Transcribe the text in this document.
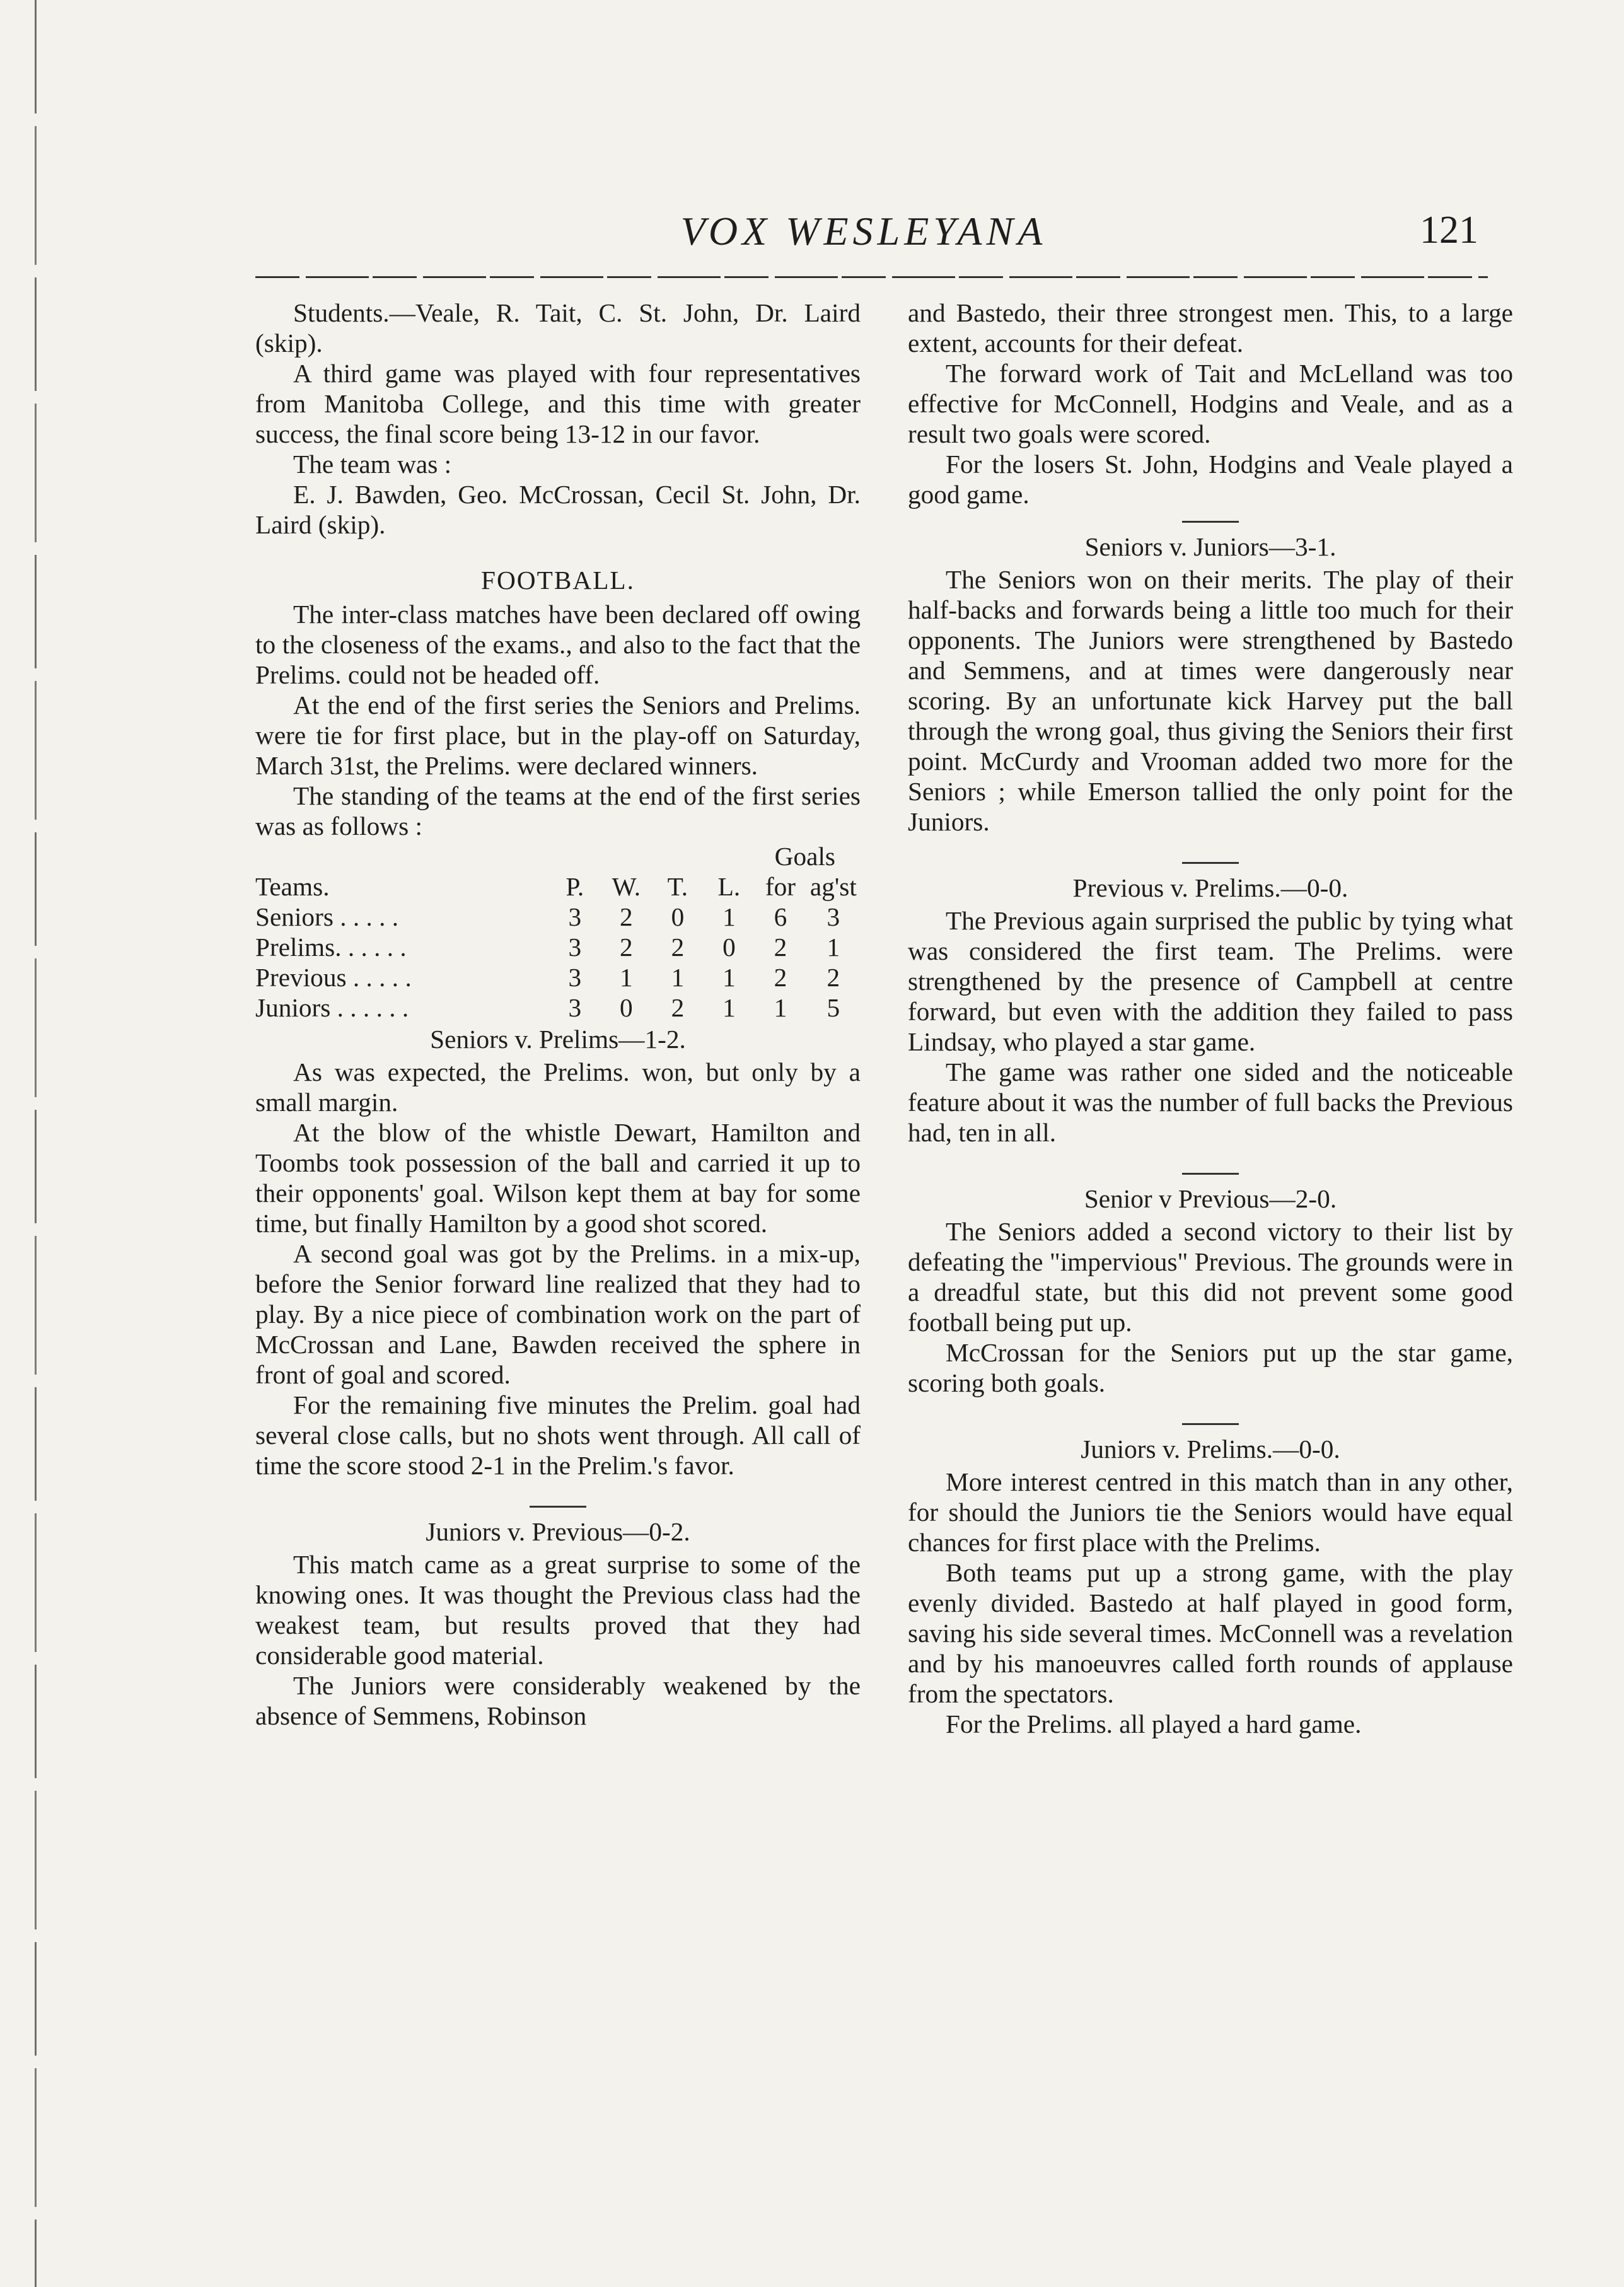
VOX WESLEYANA	121

Students.—Veale, R. Tait, C. St. John, Dr. Laird (skip).

A third game was played with four representatives from Manitoba College, and this time with greater success, the final score being 13-12 in our favor.

The team was :

E. J. Bawden, Geo. McCrossan, Cecil St. John, Dr. Laird (skip).

FOOTBALL.

The inter-class matches have been declared off owing to the closeness of the exams., and also to the fact that the Prelims. could not be headed off.

At the end of the first series the Seniors and Prelims. were tie for first place, but in the play-off on Saturday, March 31st, the Prelims. were declared winners.

The standing of the teams at the end of the first series was as follows :

Goals

Teams.	P.	W.	T.	L.	for	ag'st
Seniors . . . . .	3	2	0	1	6	3
Prelims. . . . . .	3	2	2	0	2	1
Previous . . . . .	3	1	1	1	2	2
Juniors . . . . . .	3	0	2	1	1	5

Seniors v. Prelims—1-2.

As was expected, the Prelims. won, but only by a small margin.

At the blow of the whistle Dewart, Hamilton and Toombs took possession of the ball and carried it up to their opponents' goal. Wilson kept them at bay for some time, but finally Hamilton by a good shot scored.

A second goal was got by the Prelims. in a mix-up, before the Senior forward line realized that they had to play. By a nice piece of combination work on the part of McCrossan and Lane, Bawden received the sphere in front of goal and scored.

For the remaining five minutes the Prelim. goal had several close calls, but no shots went through. All call of time the score stood 2-1 in the Prelim.'s favor.

Juniors v. Previous—0-2.

This match came as a great surprise to some of the knowing ones. It was thought the Previous class had the weakest team, but results proved that they had considerable good material.

The Juniors were considerably weakened by the absence of Semmens, Robinson

and Bastedo, their three strongest men. This, to a large extent, accounts for their defeat.

The forward work of Tait and McLelland was too effective for McConnell, Hodgins and Veale, and as a result two goals were scored.

For the losers St. John, Hodgins and Veale played a good game.

Seniors v. Juniors—3-1.

The Seniors won on their merits. The play of their half-backs and forwards being a little too much for their opponents. The Juniors were strengthened by Bastedo and Semmens, and at times were dangerously near scoring. By an unfortunate kick Harvey put the ball through the wrong goal, thus giving the Seniors their first point. McCurdy and Vrooman added two more for the Seniors ; while Emerson tallied the only point for the Juniors.

Previous v. Prelims.—0-0.

The Previous again surprised the public by tying what was considered the first team. The Prelims. were strengthened by the presence of Campbell at centre forward, but even with the addition they failed to pass Lindsay, who played a star game.

The game was rather one sided and the noticeable feature about it was the number of full backs the Previous had, ten in all.

Senior v Previous—2-0.

The Seniors added a second victory to their list by defeating the "impervious" Previous. The grounds were in a dreadful state, but this did not prevent some good football being put up.

McCrossan for the Seniors put up the star game, scoring both goals.

Juniors v. Prelims.—0-0.

More interest centred in this match than in any other, for should the Juniors tie the Seniors would have equal chances for first place with the Prelims.

Both teams put up a strong game, with the play evenly divided. Bastedo at half played in good form, saving his side several times. McConnell was a revelation and by his manoeuvres called forth rounds of applause from the spectators.

For the Prelims. all played a hard game.
